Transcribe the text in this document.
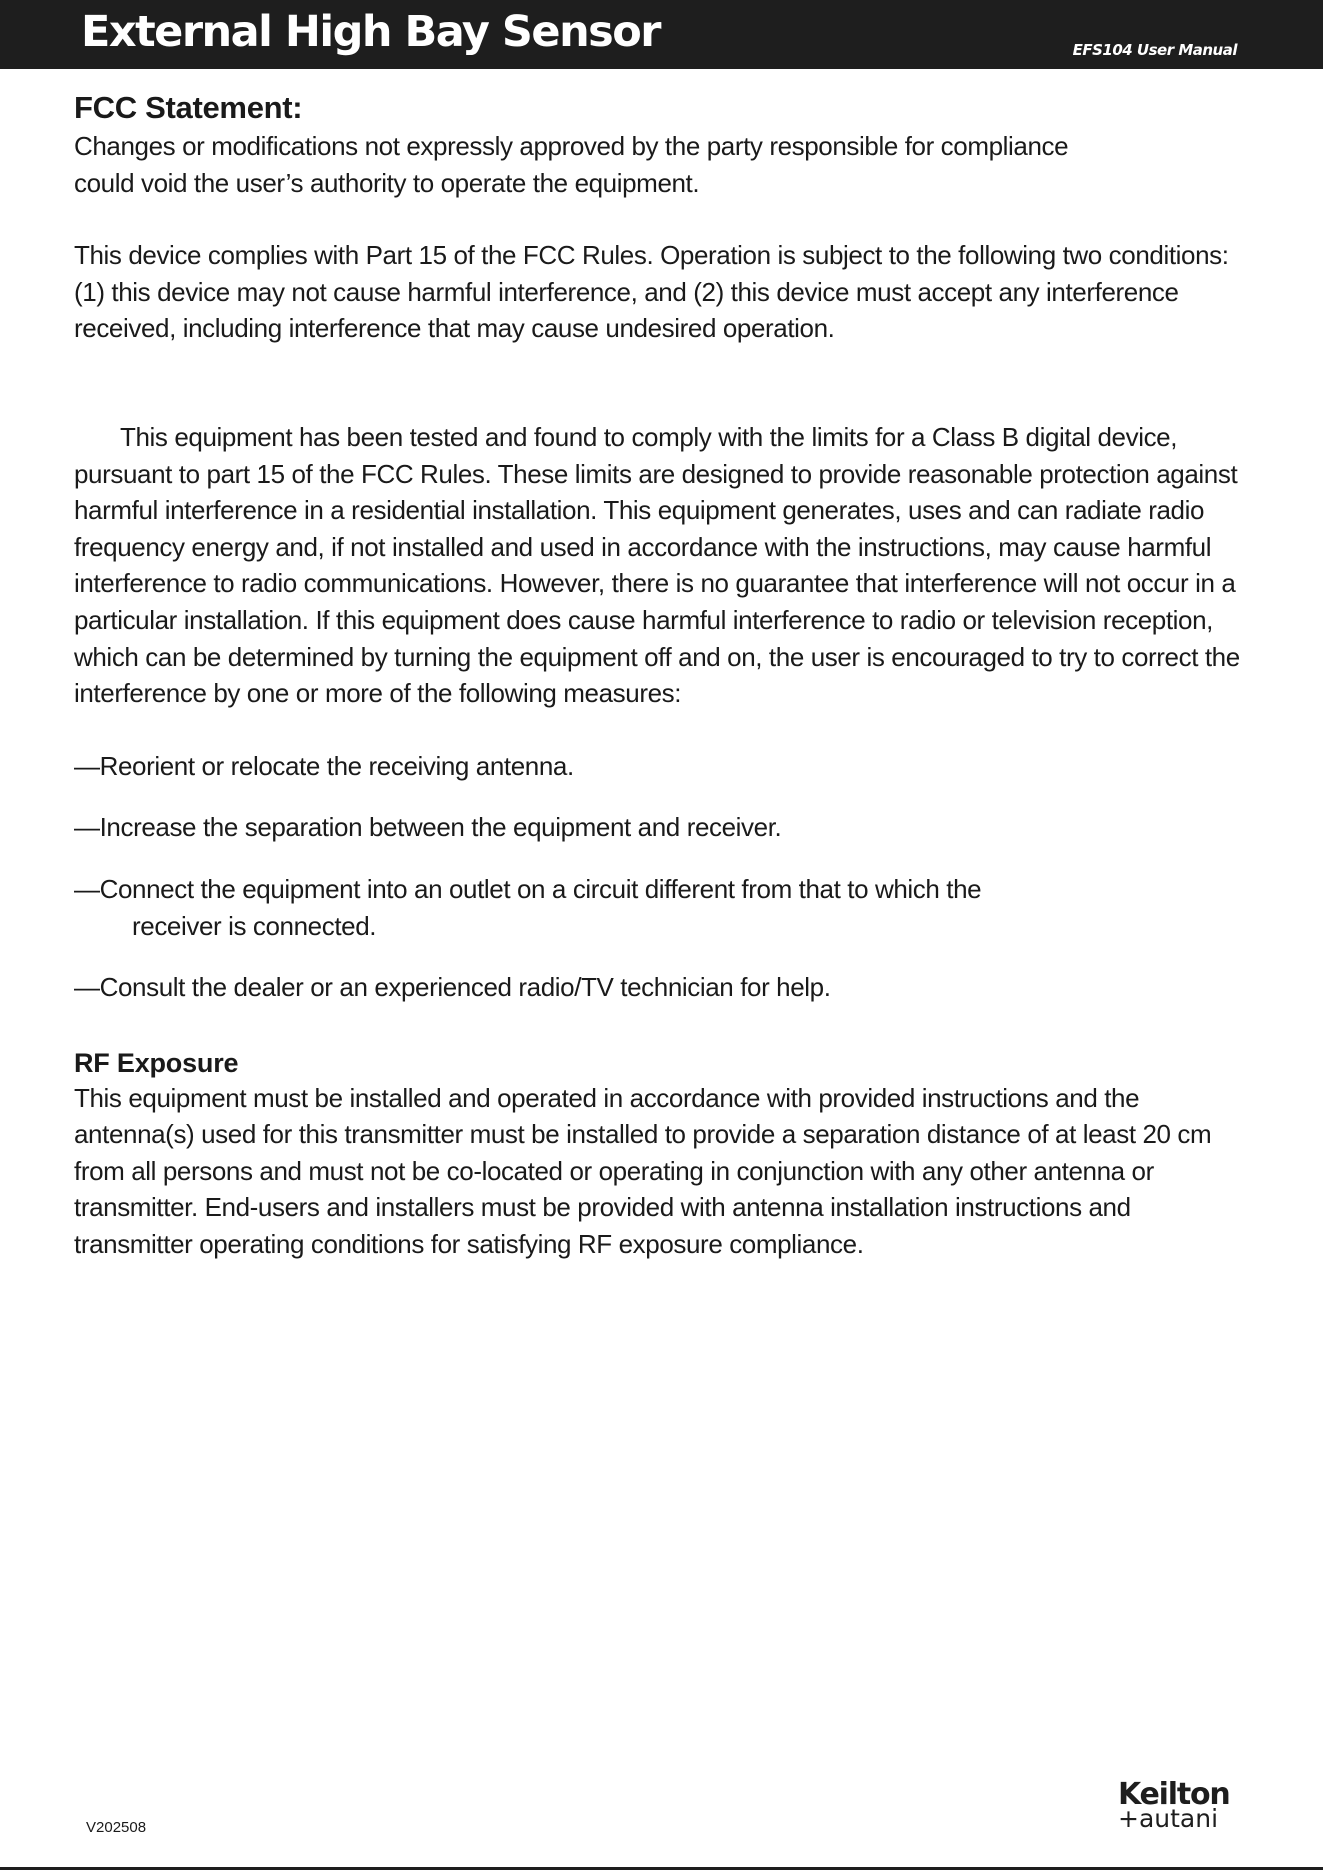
External High Bay Sensor	EFS104 User Manual

FCC Statement:

Changes or modifications not expressly approved by the party responsible for compliance
could void the user’s authority to operate the equipment.

This device complies with Part 15 of the FCC Rules. Operation is subject to the following two conditions: (1) this device may not cause harmful interference, and (2) this device must accept any interference received, including interference that may cause undesired operation.

This equipment has been tested and found to comply with the limits for a Class B digital device, pursuant to part 15 of the FCC Rules. These limits are designed to provide reasonable protection against harmful interference in a residential installation. This equipment generates, uses and can radiate radio frequency energy and, if not installed and used in accordance with the instructions, may cause harmful interference to radio communications. However, there is no guarantee that interference will not occur in a particular installation. If this equipment does cause harmful interference to radio or television reception, which can be determined by turning the equipment off and on, the user is encouraged to try to correct the interference by one or more of the following measures:

—Reorient or relocate the receiving antenna.

—Increase the separation between the equipment and receiver.

—Connect the equipment into an outlet on a circuit different from that to which the
receiver is connected.

—Consult the dealer or an experienced radio/TV technician for help.

RF Exposure

This equipment must be installed and operated in accordance with provided instructions and the antenna(s) used for this transmitter must be installed to provide a separation distance of at least 20 cm from all persons and must not be co-located or operating in conjunction with any other antenna or transmitter. End-users and installers must be provided with antenna installation instructions and transmitter operating conditions for satisfying RF exposure compliance.

V202508
Keilton
+autani
